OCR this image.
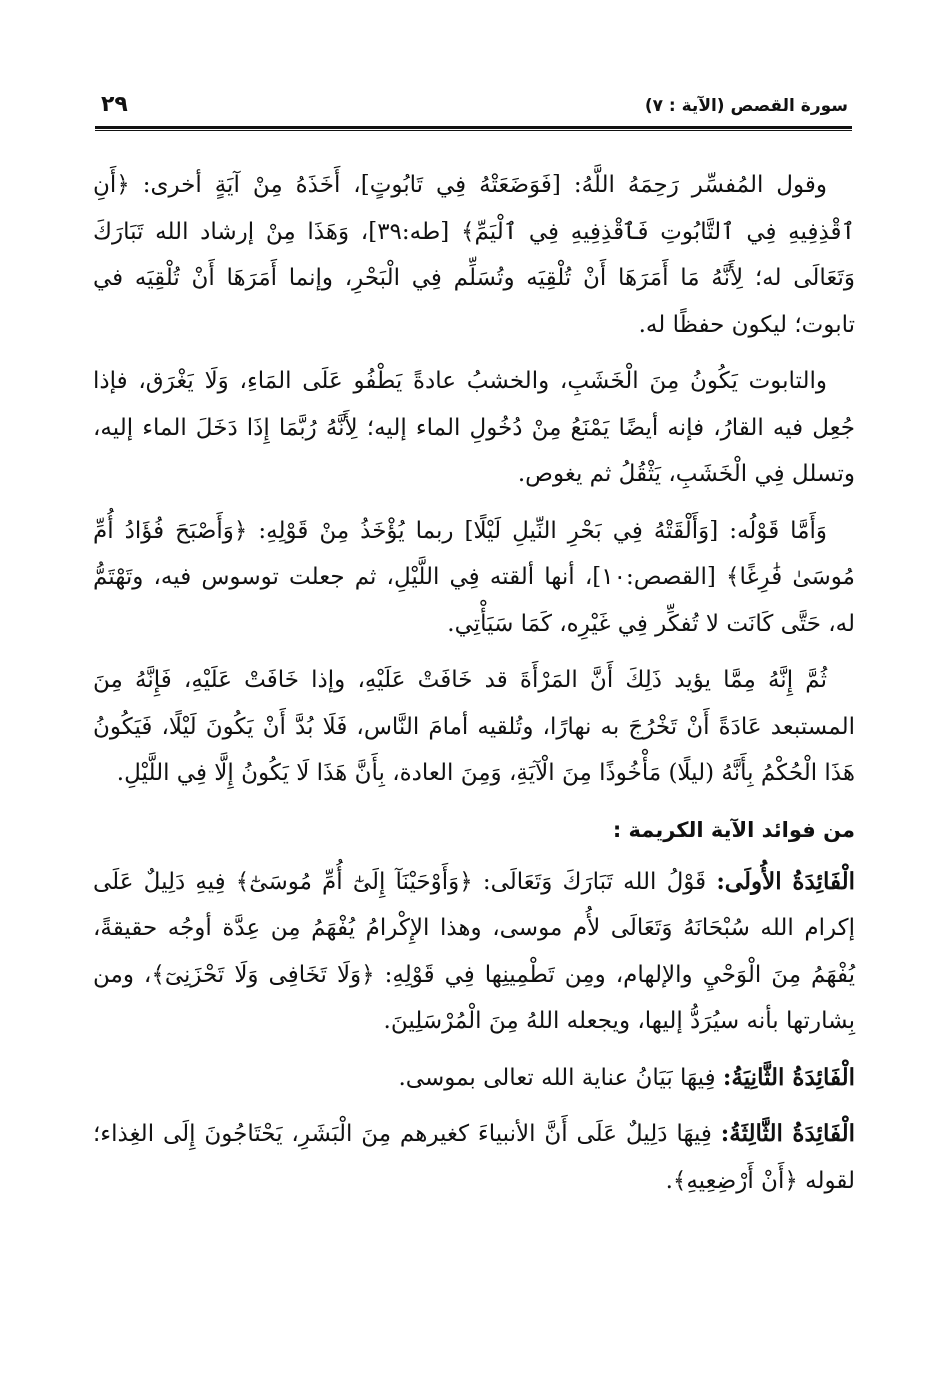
سورة القصص (الآية : ٧)
٢٩

وقول المُفسِّر رَحِمَهُ اللَّهُ: [فَوَضَعَتْهُ فِي تَابُوتٍ]، أَخَذَهُ مِنْ آيَةٍ أخرى: ﴿أَنِ ٱقْذِفِيهِ فِي ٱلتَّابُوتِ فَٱقْذِفِيهِ فِي ٱلْيَمِّ﴾ [طه:٣٩]، وَهَذَا مِنْ إرشاد الله تَبَارَكَ وَتَعَالَى له؛ لِأَنَّهُ مَا أَمَرَهَا أَنْ تُلْقِيَه وتُسَلِّم فِي الْبَحْرِ، وإنما أَمَرَهَا أَنْ تُلْقِيَه في تابوت؛ ليكون حفظًا له.

والتابوت يَكُونُ مِنَ الْخَشَبِ، والخشبُ عادةً يَطْفُو عَلَى المَاءِ، وَلَا يَغْرَق، فإذا جُعِل فيه القارُ، فإنه أيضًا يَمْنَعُ مِنْ دُخُولِ الماء إليه؛ لِأَنَّهُ رُبَّمَا إِذَا دَخَلَ الماء إليه، وتسلل فِي الْخَشَبِ، يَثْقُلُ ثم يغوص.

وَأَمَّا قَوْلُه: [وَأَلْقَتْهُ فِي بَحْرِ النِّيلِ لَيْلًا] ربما يُؤْخَذُ مِنْ قَوْلِهِ: ﴿وَأَصْبَحَ فُؤَادُ أُمِّ مُوسَىٰ فَٰرِغًا﴾ [القصص:١٠]، أنها ألقته فِي اللَّيْلِ، ثم جعلت توسوس فيه، وتَهْتَمُّ له، حَتَّى كَانَت لا تُفكِّر فِي غَيْرِه، كَمَا سَيَأْتِي.

ثُمَّ إِنَّهُ مِمَّا يؤيد ذَلِكَ أَنَّ المَرْأَةَ قد خَافَتْ عَلَيْهِ، وإذا خَافَتْ عَلَيْهِ، فَإِنَّهُ مِنَ المستبعد عَادَةً أَنْ تَخْرُجَ به نهارًا، وتُلقيه أمامَ النَّاس، فَلَا بُدَّ أَنْ يَكُونَ لَيْلًا، فَيَكُونُ هَذَا الْحُكْمُ بِأَنَّهُ (ليلًا) مَأْخُوذًا مِنَ الْآيَةِ، وَمِنَ العادة، بِأَنَّ هَذَا لَا يَكُونُ إِلَّا فِي اللَّيْلِ.

من فوائد الآية الكريمة :

الْفَائِدَةُ الأُولَى: قَوْلُ الله تَبَارَكَ وَتَعَالَى: ﴿وَأَوْحَيْنَآ إِلَىٰٓ أُمِّ مُوسَىٰٓ﴾ فِيهِ دَلِيلٌ عَلَى إكرام الله سُبْحَانَهُ وَتَعَالَى لأُم موسى، وهذا الإِكْرامُ يُفْهَمُ مِن عِدَّة أوجُه حقيقةً، يُفْهَمُ مِنَ الْوَحْيِ والإلهام، ومِن تَطْمِينِها فِي قَوْلِهِ: ﴿وَلَا تَخَافِى وَلَا تَحْزَنِىٓ﴾، ومن بِشارتها بأنه سيُرَدُّ إليها، ويجعله اللهُ مِنَ الْمُرْسَلِينَ.

الْفَائِدَةُ الثَّانِيَةُ: فِيهَا بَيَانُ عناية الله تعالى بموسى.

الْفَائِدَةُ الثَّالِثَةُ: فِيهَا دَلِيلٌ عَلَى أَنَّ الأنبياءَ كغيرهم مِنَ الْبَشَرِ، يَحْتَاجُونَ إِلَى الغِذاء؛ لقوله ﴿أَنْ أَرْضِعِيهِ﴾.
